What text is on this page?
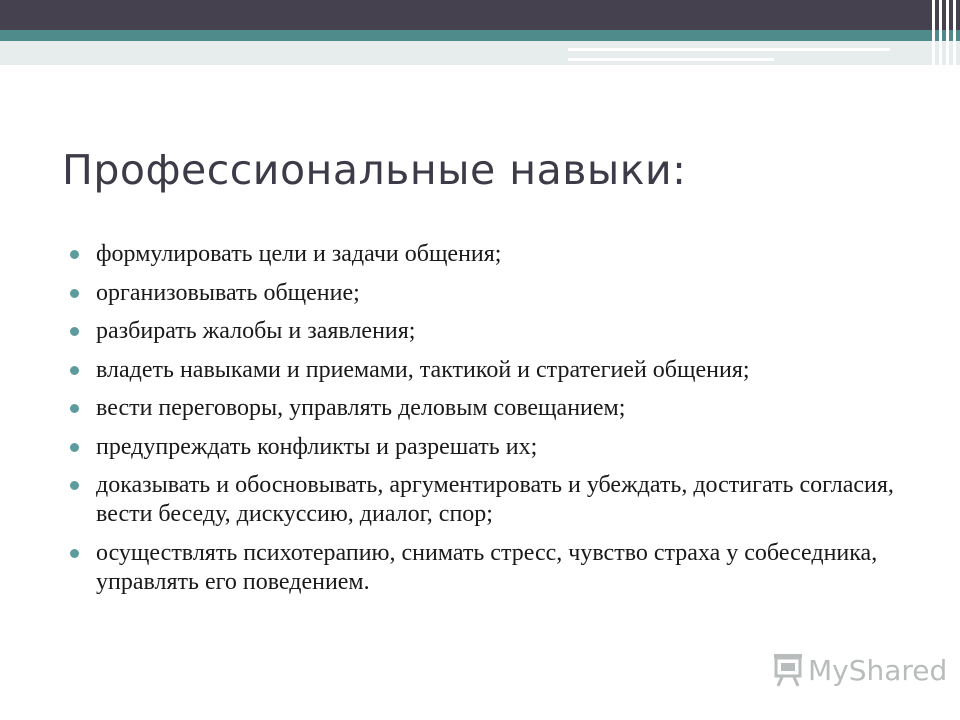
Профессиональные навыки:
формулировать цели и задачи общения;
организовывать общение;
разбирать жалобы и заявления;
владеть навыками и приемами, тактикой и стратегией общения;
вести переговоры, управлять деловым совещанием;
предупреждать конфликты и разрешать их;
доказывать и обосновывать, аргументировать и убеждать, достигать согласия, вести беседу, дискуссию, диалог, спор;
осуществлять психотерапию, снимать стресс, чувство страха у собеседника, управлять его поведением.
MyShared
